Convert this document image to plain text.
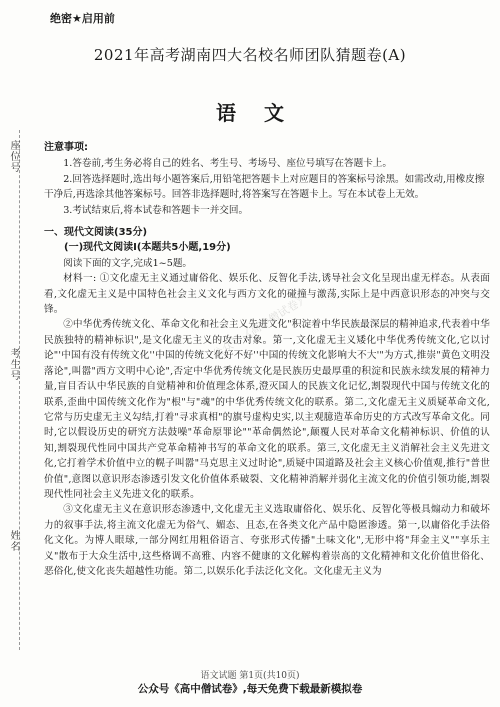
绝密★启用前
2021年高考湖南四大名校名师团队猜题卷(A)
语 文
座位号
考生号
姓名
公众号《高中僧试卷》

注意事项:

1.答卷前,考生务必将自己的姓名、考生号、考场号、座位号填写在答题卡上。

2.回答选择题时,选出每小题答案后,用铅笔把答题卡上对应题目的答案标号涂黑。如需改动,用橡皮擦干净后,再选涂其他答案标号。回答非选择题时,将答案写在答题卡上。写在本试卷上无效。

3.考试结束后,将本试卷和答题卡一并交回。

一、现代文阅读(35分)

(一)现代文阅读Ⅰ(本题共5小题,19分)

阅读下面的文字,完成1~5题。

材料一: ①文化虚无主义通过庸俗化、娱乐化、反智化手法,诱导社会文化呈现出虚无样态。从表面看,文化虚无主义是中国特色社会主义文化与西方文化的碰撞与激荡,实际上是中西意识形态的冲突与交锋。

②中华优秀传统文化、革命文化和社会主义先进文化"积淀着中华民族最深层的精神追求,代表着中华民族独特的精神标识",是文化虚无主义的攻击对象。第一,文化虚无主义矮化中华优秀传统文化,它以讨论"'中国有没有传统文化''中国的传统文化好不好''中国的传统文化影响大不大'"为方式,推崇"黄色文明没落论",叫嚣"西方文明中心论",否定中华优秀传统文化是民族历史最厚重的积淀和民族永续发展的精神力量,盲目否认中华民族的自觉精神和价值理念体系,澄灭国人的民族文化记忆,割裂现代中国与传统文化的联系,歪曲中国传统文化作为"根"与"魂"的中华优秀传统文化的联系。第二,文化虚无主义质疑革命文化,它常与历史虚无主义勾结,打着"寻求真相"的旗号虚构史实,以主观臆造革命历史的方式改写革命文化。同时,它以假设历史的研究方法鼓噪"革命原罪论""革命偶然论",颠覆人民对革命文化精神标识、价值的认知,割裂现代性同中国共产党革命精神书写的革命文化的联系。第三,文化虚无主义消解社会主义先进文化,它打着学术价值中立的幌子叫嚣"马克思主义过时论",质疑中国道路及社会主义核心价值观,推行"普世价值",意图以意识形态渗透引发文化价值体系破裂、文化精神消解并弱化主流文化的价值引领功能,割裂现代性同社会主义先进文化的联系。

③文化虚无主义在意识形态渗透中,文化虚无主义选取庸俗化、娱乐化、反智化等极具煽动力和破坏力的叙事手法,将主流文化虚无为俗气、媚态、且态,在各类文化产品中隐匿渗透。第一,以庸俗化手法俗化文化。为博人眼球,一部分网红用粗俗语言、夸张形式传播"土味文化",无形中将"拜金主义""享乐主义"散布于大众生活中,这些格调不高雅、内容不健康的文化解构着崇高的文化精神和文化价值世俗化、恶俗化,使文化丧失超越性功能。第二,以娱乐化手法泛化文化。文化虚无主义为

语文试题 第1页(共10页)
公众号《高中僧试卷》,每天免费下载最新模拟卷
